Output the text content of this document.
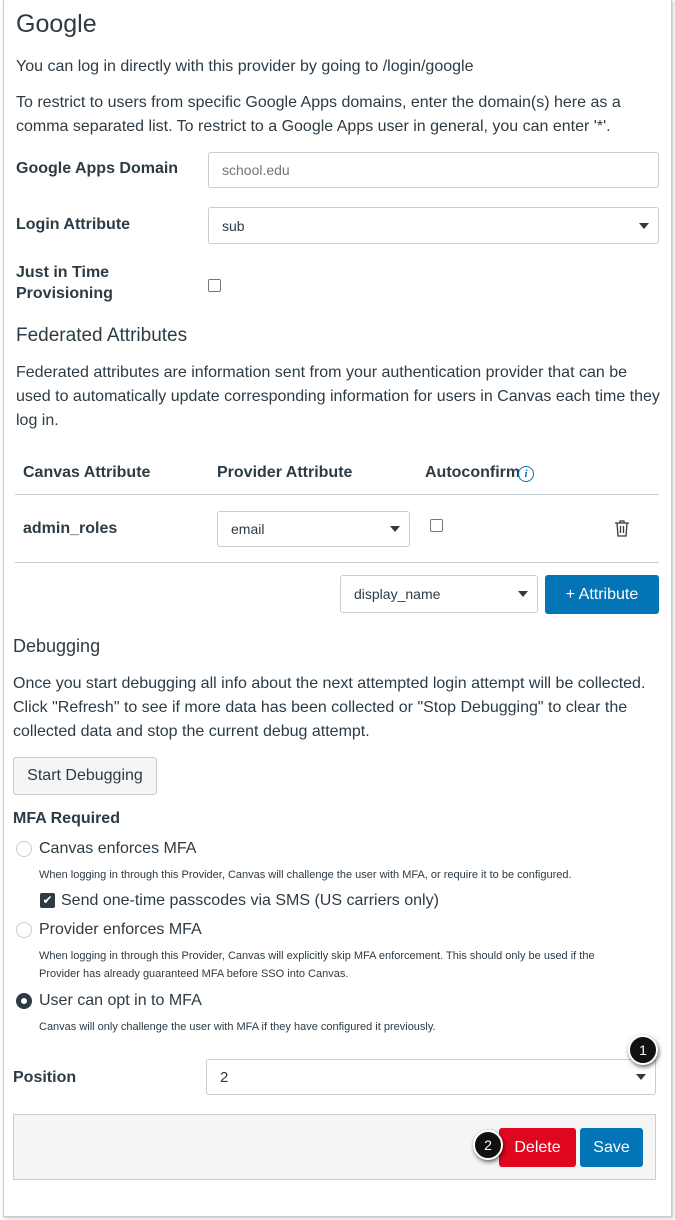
Google
You can log in directly with this provider by going to /login/google
To restrict to users from specific Google Apps domains, enter the domain(s) here as a
comma separated list. To restrict to a Google Apps user in general, you can enter '*'.
Google Apps Domain
school.edu
Login Attribute	sub
Just in Time
Provisioning
Federated Attributes
Federated attributes are information sent from your authentication provider that can be
used to automatically update corresponding information for users in Canvas each time they
log in.
Canvas Attribute	Provider Attribute	Autoconfirm i
admin_roles	email
display_name	+ Attribute
Debugging
Once you start debugging all info about the next attempted login attempt will be collected.
Click "Refresh" to see if more data has been collected or "Stop Debugging" to clear the
collected data and stop the current debug attempt.
Start Debugging
MFA Required
Canvas enforces MFA
When logging in through this Provider, Canvas will challenge the user with MFA, or require it to be configured.
✔ Send one-time passcodes via SMS (US carriers only)
Provider enforces MFA
When logging in through this Provider, Canvas will explicitly skip MFA enforcement. This should only be used if the
Provider has already guaranteed MFA before SSO into Canvas.
User can opt in to MFA
Canvas will only challenge the user with MFA if they have configured it previously.
Position	2
1
Delete	Save
2
